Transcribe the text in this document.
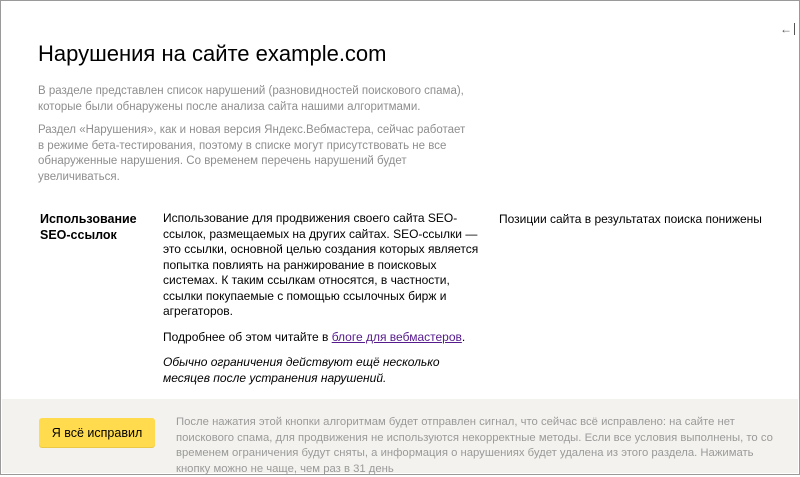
←
Нарушения на сайте example.com
В разделе представлен список нарушений (разновидностей поискового спама), которые были обнаружены после анализа сайта нашими алгоритмами.
Раздел «Нарушения», как и новая версия Яндекс.Вебмастера, сейчас работает в режиме бета-тестирования, поэтому в списке могут присутствовать не все обнаруженные нарушения. Со временем перечень нарушений будет увеличиваться.
Использование SEO-ссылок

Использование для продвижения своего сайта SEO-ссылок, размещаемых на других сайтах. SEO-ссылки — это ссылки, основной целью создания которых является попытка повлиять на ранжирование в поисковых системах. К таким ссылкам относятся, в частности, ссылки покупаемые с помощью ссылочных бирж и агрегаторов.

Подробнее об этом читайте в блоге для вебмастеров.

Обычно ограничения действуют ещё несколько месяцев после устранения нарушений.

Позиции сайта в результатах поиска понижены
Я всё исправил
После нажатия этой кнопки алгоритмам будет отправлен сигнал, что сейчас всё исправлено: на сайте нет поискового спама, для продвижения не используются некорректные методы. Если все условия выполнены, то со временем ограничения будут сняты, а информация о нарушениях будет удалена из этого раздела. Нажимать кнопку можно не чаще, чем раз в 31 день
